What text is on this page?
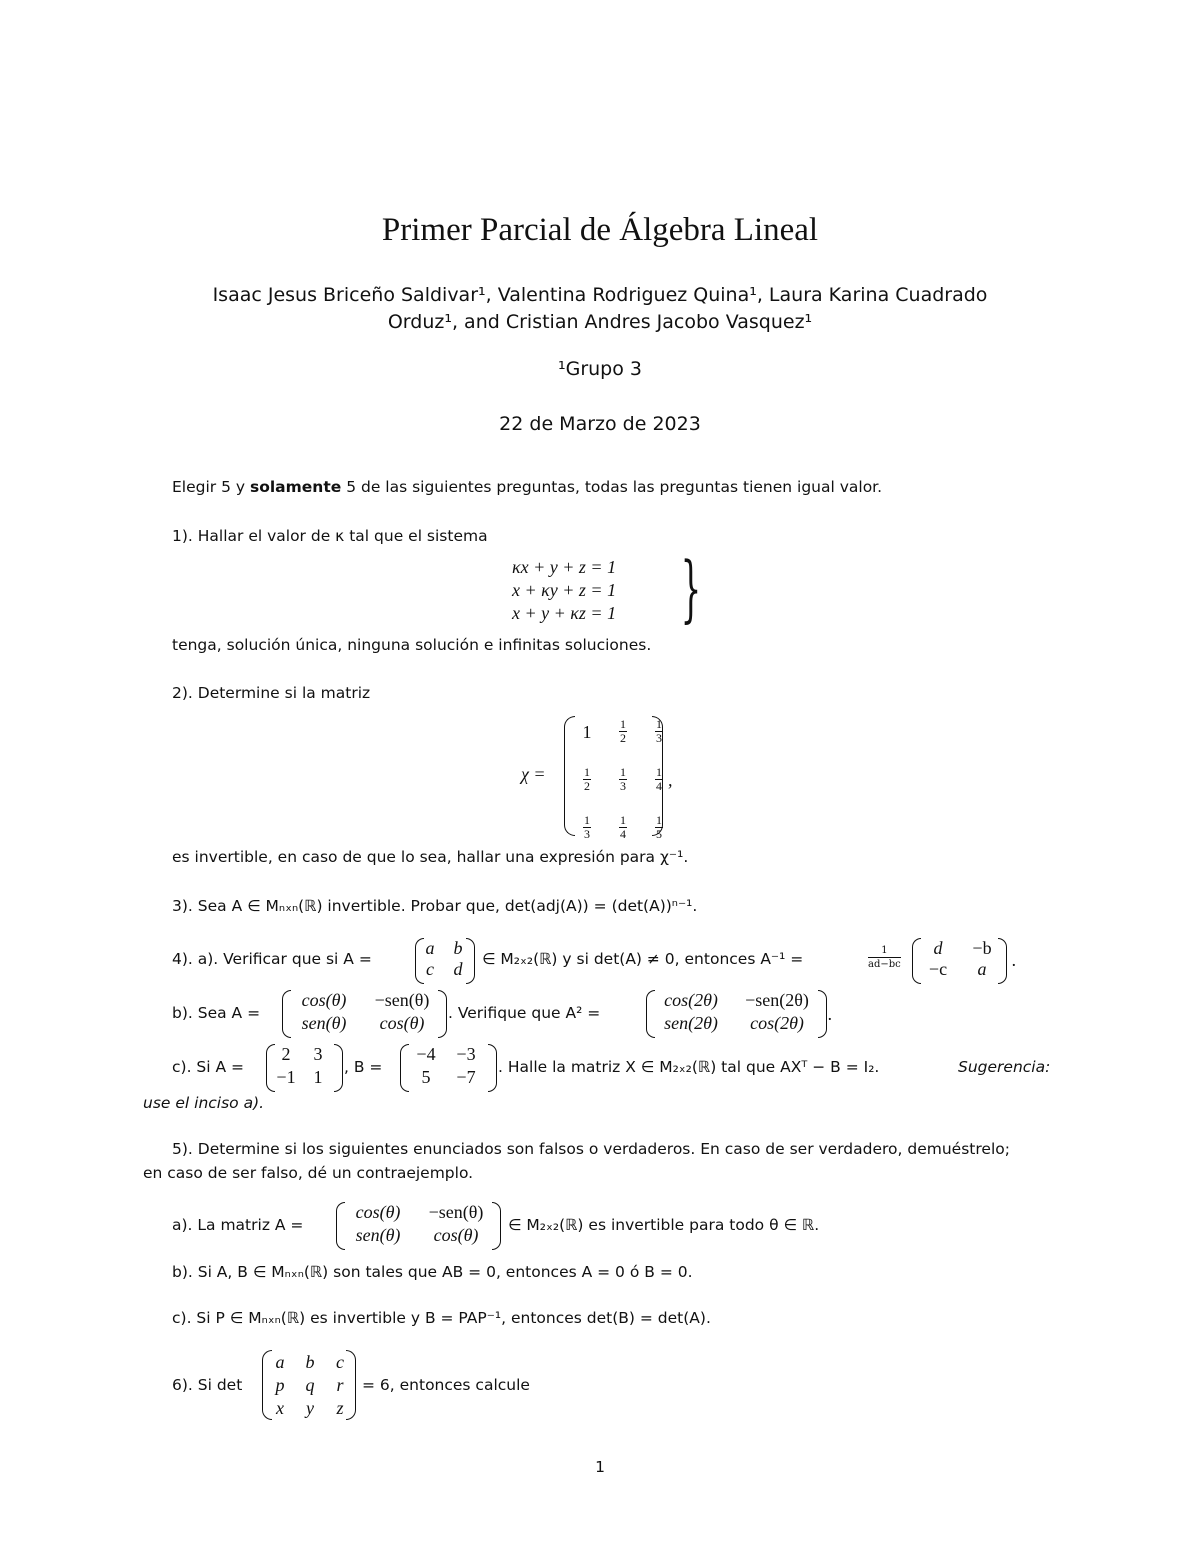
Primer Parcial de Álgebra Lineal
Isaac Jesus Briceño Saldivar¹, Valentina Rodriguez Quina¹, Laura Karina Cuadrado
Orduz¹, and Cristian Andres Jacobo Vasquez¹
¹Grupo 3
22 de Marzo de 2023
Elegir 5 y solamente 5 de las siguientes preguntas, todas las preguntas tienen igual valor.
1). Hallar el valor de κ tal que el sistema
κx + y + z = 1
x + κy + z = 1
x + y + κz = 1 }
tenga, solución única, ninguna solución e infinitas soluciones.
2). Determine si la matriz
χ =
1	$\frac{1}{2} \frac{1}{3}$
$\frac{1}{2} \frac{1}{3} \frac{1}{4}$
$\frac{1}{3} \frac{1}{4} \frac{1}{5}$
,
es invertible, en caso de que lo sea, hallar una expresión para χ⁻¹.
3). Sea A ∈ Mₙₓₙ(ℝ) invertible. Probar que, det(adj(A)) = (det(A))ⁿ⁻¹.
4). a). Verificar que si A =
a	b
c	d	∈ M₂ₓ₂(ℝ) y si det(A) ≠ 0, entonces A⁻¹ =	$\frac{1}{ad-bc}$	d	−b
−c	a	.
b). Sea A =
cos(θ)	−sen(θ)
sen(θ)	cos(θ)	. Verifique que A² =
cos(2θ)	−sen(2θ)
sen(2θ)	cos(2θ)	.
c). Si A =
2	3
−1 1	, B =
−4	−3
5	−7	. Halle la matriz X ∈ M₂ₓ₂(ℝ) tal que AXᵀ − B = I₂.	Sugerencia:
use el inciso a).
5). Determine si los siguientes enunciados son falsos o verdaderos. En caso de ser verdadero, demuéstrelo;
en caso de ser falso, dé un contraejemplo.
a). La matriz A =
cos(θ)	−sen(θ)
sen(θ)	cos(θ)	∈ M₂ₓ₂(ℝ) es invertible para todo θ ∈ ℝ.
b). Si A, B ∈ Mₙₓₙ(ℝ) son tales que AB = 0, entonces A = 0 ó B = 0.
c). Si P ∈ Mₙₓₙ(ℝ) es invertible y B = PAP⁻¹, entonces det(B) = det(A).
6). Si det
a	b	c
p	q	r
x	y	z
= 6, entonces calcule
1
